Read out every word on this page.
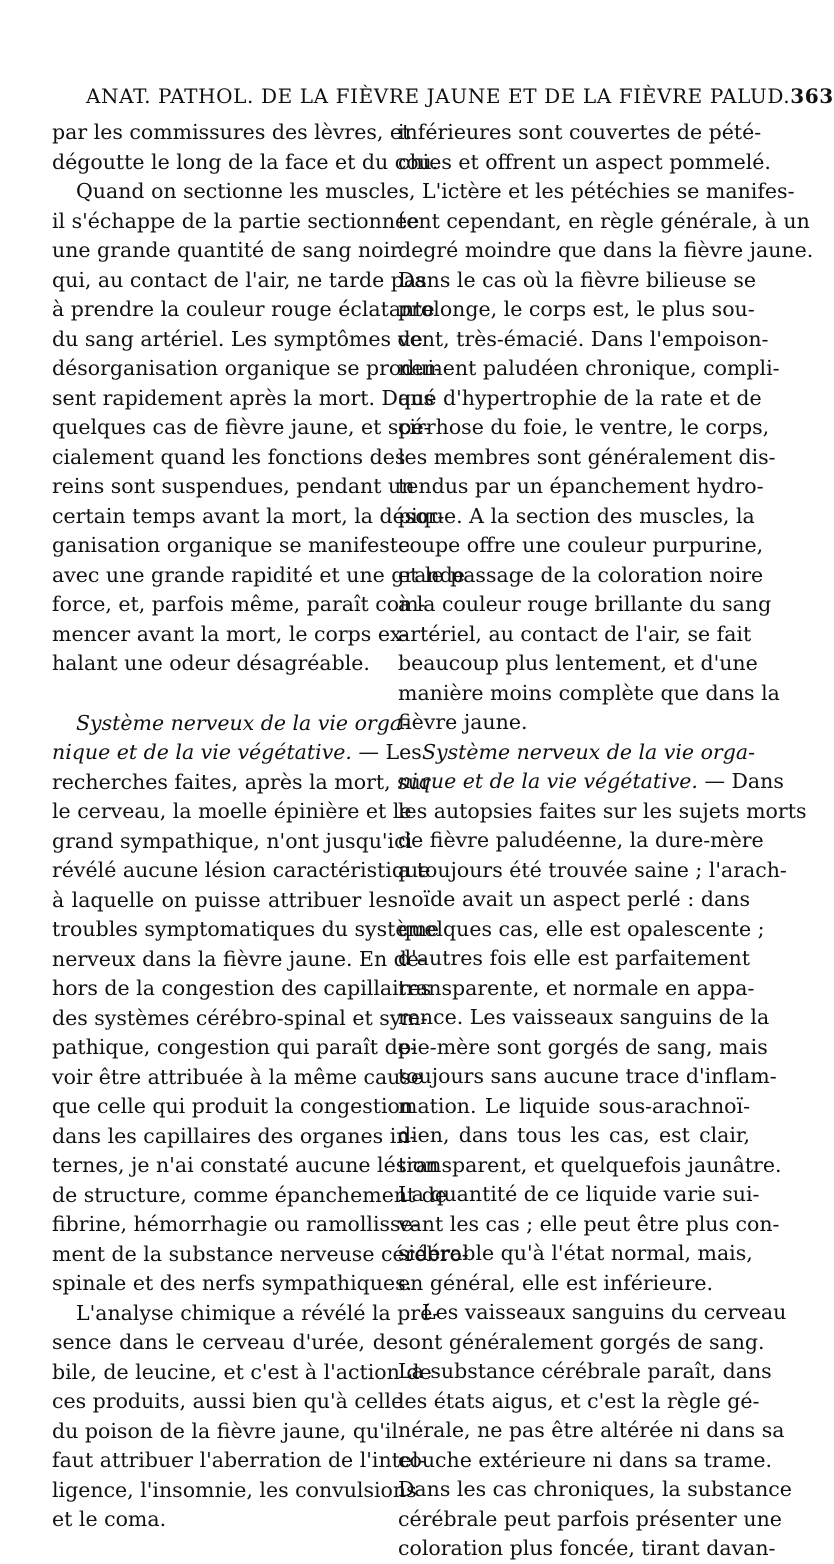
ANAT. PATHOL. DE LA FIÈVRE JAUNE ET DE LA FIÈVRE PALUD. 363
par les commissures des lèvres, et
dégoutte le long de la face et du cou.
Quand on sectionne les muscles,
il s'échappe de la partie sectionnée
une grande quantité de sang noir
qui, au contact de l'air, ne tarde pas
à prendre la couleur rouge éclatante
du sang artériel. Les symptômes de
désorganisation organique se produi-
sent rapidement après la mort. Dans
quelques cas de fièvre jaune, et spé-
cialement quand les fonctions des
reins sont suspendues, pendant un
certain temps avant la mort, la désor-
ganisation organique se manifeste
avec une grande rapidité et une grande
force, et, parfois même, paraît com-
mencer avant la mort, le corps ex-
halant une odeur désagréable.
Système nerveux de la vie orga-
nique et de la vie végétative. — Les
recherches faites, après la mort, sur
le cerveau, la moelle épinière et le
grand sympathique, n'ont jusqu'ici
révélé aucune lésion caractéristique
à laquelle on puisse attribuer les
troubles symptomatiques du système
nerveux dans la fièvre jaune. En de-
hors de la congestion des capillaires
des systèmes cérébro-spinal et sym-
pathique, congestion qui paraît de-
voir être attribuée à la même cause
que celle qui produit la congestion
dans les capillaires des organes in-
ternes, je n'ai constaté aucune lésion
de structure, comme épanchement de
fibrine, hémorrhagie ou ramollisse-
ment de la substance nerveuse cérébro-
spinale et des nerfs sympathiques.
L'analyse chimique a révélé la pré-
sence dans le cerveau d'urée, de
bile, de leucine, et c'est à l'action de
ces produits, aussi bien qu'à celle
du poison de la fièvre jaune, qu'il
faut attribuer l'aberration de l'intel-
ligence, l'insomnie, les convulsions
et le coma.
inférieures sont couvertes de pété-
chies et offrent un aspect pommelé.
L'ictère et les pétéchies se manifes-
tent cependant, en règle générale, à un
degré moindre que dans la fièvre jaune.
Dans le cas où la fièvre bilieuse se
prolonge, le corps est, le plus sou-
vent, très-émacié. Dans l'empoison-
nement paludéen chronique, compli-
qué d'hypertrophie de la rate et de
cirrhose du foie, le ventre, le corps,
les membres sont généralement dis-
tendus par un épanchement hydro-
pique. A la section des muscles, la
coupe offre une couleur purpurine,
et le passage de la coloration noire
à la couleur rouge brillante du sang
artériel, au contact de l'air, se fait
beaucoup plus lentement, et d'une
manière moins complète que dans la
fièvre jaune.
Système nerveux de la vie orga-
nique et de la vie végétative. — Dans
les autopsies faites sur les sujets morts
de fièvre paludéenne, la dure-mère
a toujours été trouvée saine ; l'arach-
noïde avait un aspect perlé : dans
quelques cas, elle est opalescente ;
d'autres fois elle est parfaitement
transparente, et normale en appa-
rence. Les vaisseaux sanguins de la
pie-mère sont gorgés de sang, mais
toujours sans aucune trace d'inflam-
mation. Le liquide sous-arachnoï-
dien, dans tous les cas, est clair,
transparent, et quelquefois jaunâtre.
La quantité de ce liquide varie sui-
vant les cas ; elle peut être plus con-
sidérable qu'à l'état normal, mais,
en général, elle est inférieure.
Les vaisseaux sanguins du cerveau
sont généralement gorgés de sang.
La substance cérébrale paraît, dans
les états aigus, et c'est la règle gé-
nérale, ne pas être altérée ni dans sa
couche extérieure ni dans sa trame.
Dans les cas chroniques, la substance
cérébrale peut parfois présenter une
coloration plus foncée, tirant davan-
